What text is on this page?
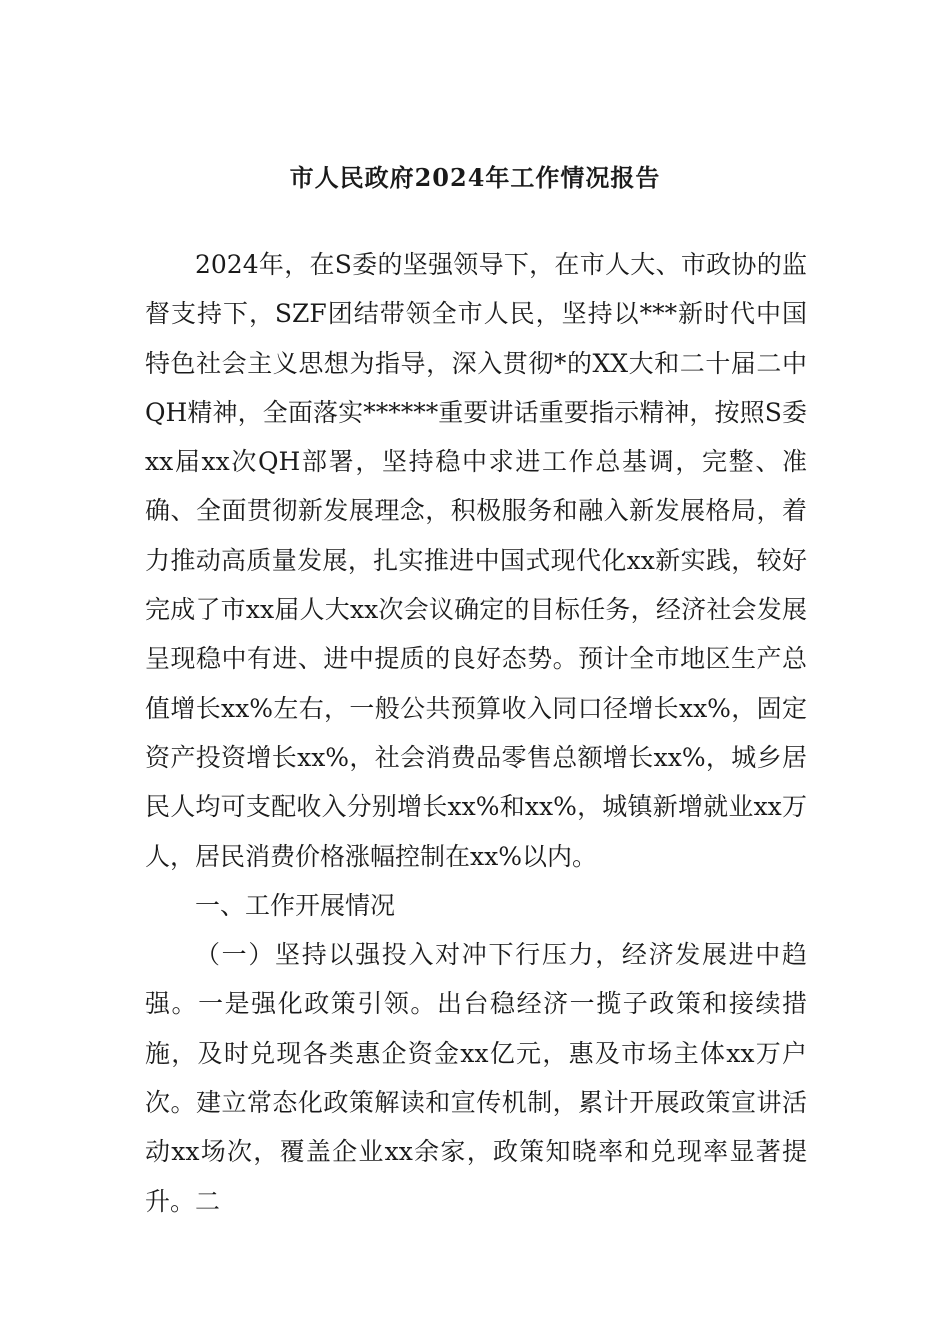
市人民政府2024年工作情况报告

2024年，在S委的坚强领导下，在市人大、市政协的监督支持下，SZF团结带领全市人民，坚持以***新时代中国特色社会主义思想为指导，深入贯彻*的XX大和二十届二中QH精神，全面落实******重要讲话重要指示精神，按照S委xx届xx次QH部署，坚持稳中求进工作总基调，完整、准确、全面贯彻新发展理念，积极服务和融入新发展格局，着力推动高质量发展，扎实推进中国式现代化xx新实践，较好完成了市xx届人大xx次会议确定的目标任务，经济社会发展呈现稳中有进、进中提质的良好态势。预计全市地区生产总值增长xx%左右，一般公共预算收入同口径增长xx%，固定资产投资增长xx%，社会消费品零售总额增长xx%，城乡居民人均可支配收入分别增长xx%和xx%，城镇新增就业xx万人，居民消费价格涨幅控制在xx%以内。

一、工作开展情况

（一）坚持以强投入对冲下行压力，经济发展进中趋强。一是强化政策引领。出台稳经济一揽子政策和接续措施，及时兑现各类惠企资金xx亿元，惠及市场主体xx万户次。建立常态化政策解读和宣传机制，累计开展政策宣讲活动xx场次，覆盖企业xx余家，政策知晓率和兑现率显著提升。二
